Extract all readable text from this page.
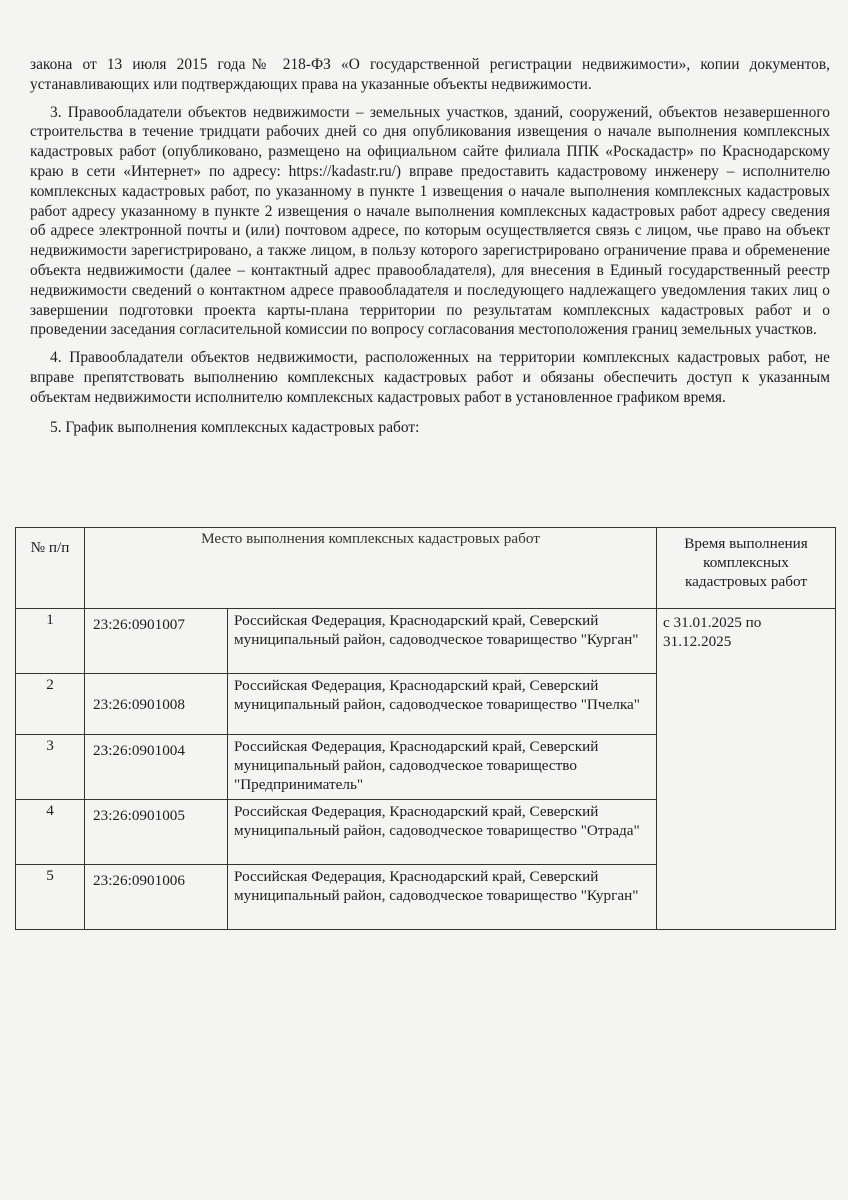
закона от 13 июля 2015 года№ 218-ФЗ «О государственной регистрации недвижимости», копии документов, устанавливающих или подтверждающих права на указанные объекты недвижимости.

3. Правообладатели объектов недвижимости – земельных участков, зданий, сооружений, объектов незавершенного строительства в течение тридцати рабочих дней со дня опубликования извещения о начале выполнения комплексных кадастровых работ (опубликовано, размещено на официальном сайте филиала ППК «Роскадастр» по Краснодарскому краю в сети «Интернет» по адресу: https://kadastr.ru/) вправе предоставить кадастровому инженеру – исполнителю комплексных кадастровых работ, по указанному в пункте 1 извещения о начале выполнения комплексных кадастровых работ адресу указанному в пункте 2 извещения о начале выполнения комплексных кадастровых работ адресу сведения об адресе электронной почты и (или) почтовом адресе, по которым осуществляется связь с лицом, чье право на объект недвижимости зарегистрировано, а также лицом, в пользу которого зарегистрировано ограничение права и обременение объекта недвижимости (далее – контактный адрес правообладателя), для внесения в Единый государственный реестр недвижимости сведений о контактном адресе правообладателя и последующего надлежащего уведомления таких лиц о завершении подготовки проекта карты-плана территории по результатам комплексных кадастровых работ и о проведении заседания согласительной комиссии по вопросу согласования местоположения границ земельных участков.

4. Правообладатели объектов недвижимости, расположенных на территории комплексных кадастровых работ, не вправе препятствовать выполнению комплексных кадастровых работ и обязаны обеспечить доступ к указанным объектам недвижимости исполнителю комплексных кадастровых работ в установленное графиком время.

5. График выполнения комплексных кадастровых работ:

№ п/п	Место выполнения комплексных кадастровых работ		Время выполнения комплексных кадастровых работ
1	23:26:0901007	Российская Федерация, Краснодарский край, Северский муниципальный район, садоводческое товарищество "Курган"	с 31.01.2025 по 31.12.2025
2	23:26:0901008	Российская Федерация, Краснодарский край, Северский муниципальный район, садоводческое товарищество "Пчелка"	
3	23:26:0901004	Российская Федерация, Краснодарский край, Северский муниципальный район, садоводческое товарищество "Предприниматель"	
4	23:26:0901005	Российская Федерация, Краснодарский край, Северский муниципальный район, садоводческое товарищество "Отрада"	
5	23:26:0901006	Российская Федерация, Краснодарский край, Северский муниципальный район, садоводческое товарищество "Курган"	
